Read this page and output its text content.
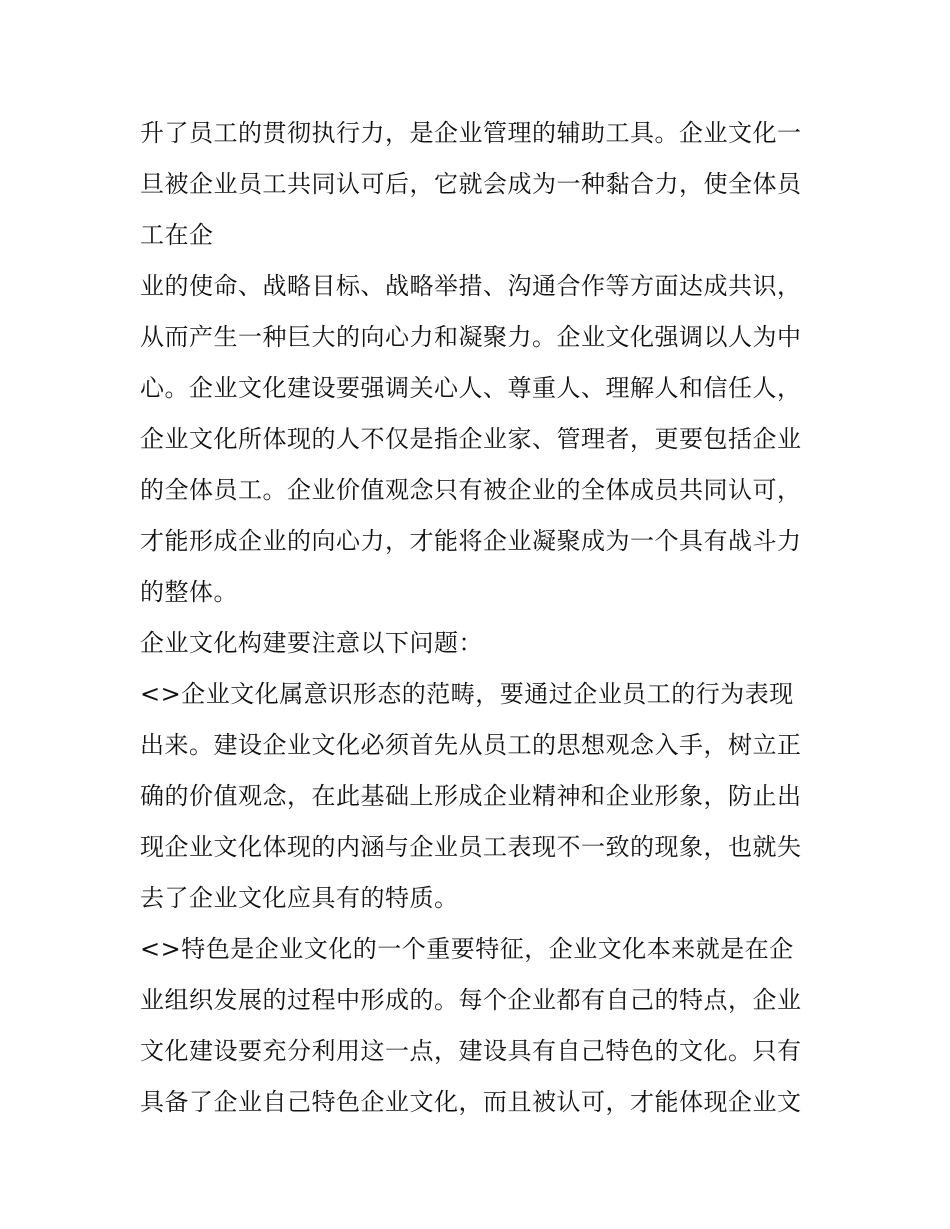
升了员工的贯彻执行力，是企业管理的辅助工具。企业文化一
旦被企业员工共同认可后，它就会成为一种黏合力，使全体员
工在企
业的使命、战略目标、战略举措、沟通合作等方面达成共识，
从而产生一种巨大的向心力和凝聚力。企业文化强调以人为中
心。企业文化建设要强调关心人、尊重人、理解人和信任人，
企业文化所体现的人不仅是指企业家、管理者，更要包括企业
的全体员工。企业价值观念只有被企业的全体成员共同认可，
才能形成企业的向心力，才能将企业凝聚成为一个具有战斗力
的整体。
企业文化构建要注意以下问题：
<>企业文化属意识形态的范畴，要通过企业员工的行为表现
出来。建设企业文化必须首先从员工的思想观念入手，树立正
确的价值观念，在此基础上形成企业精神和企业形象，防止出
现企业文化体现的内涵与企业员工表现不一致的现象，也就失
去了企业文化应具有的特质。
<>特色是企业文化的一个重要特征，企业文化本来就是在企
业组织发展的过程中形成的。每个企业都有自己的特点，企业
文化建设要充分利用这一点，建设具有自己特色的文化。只有
具备了企业自己特色企业文化，而且被认可，才能体现企业文
